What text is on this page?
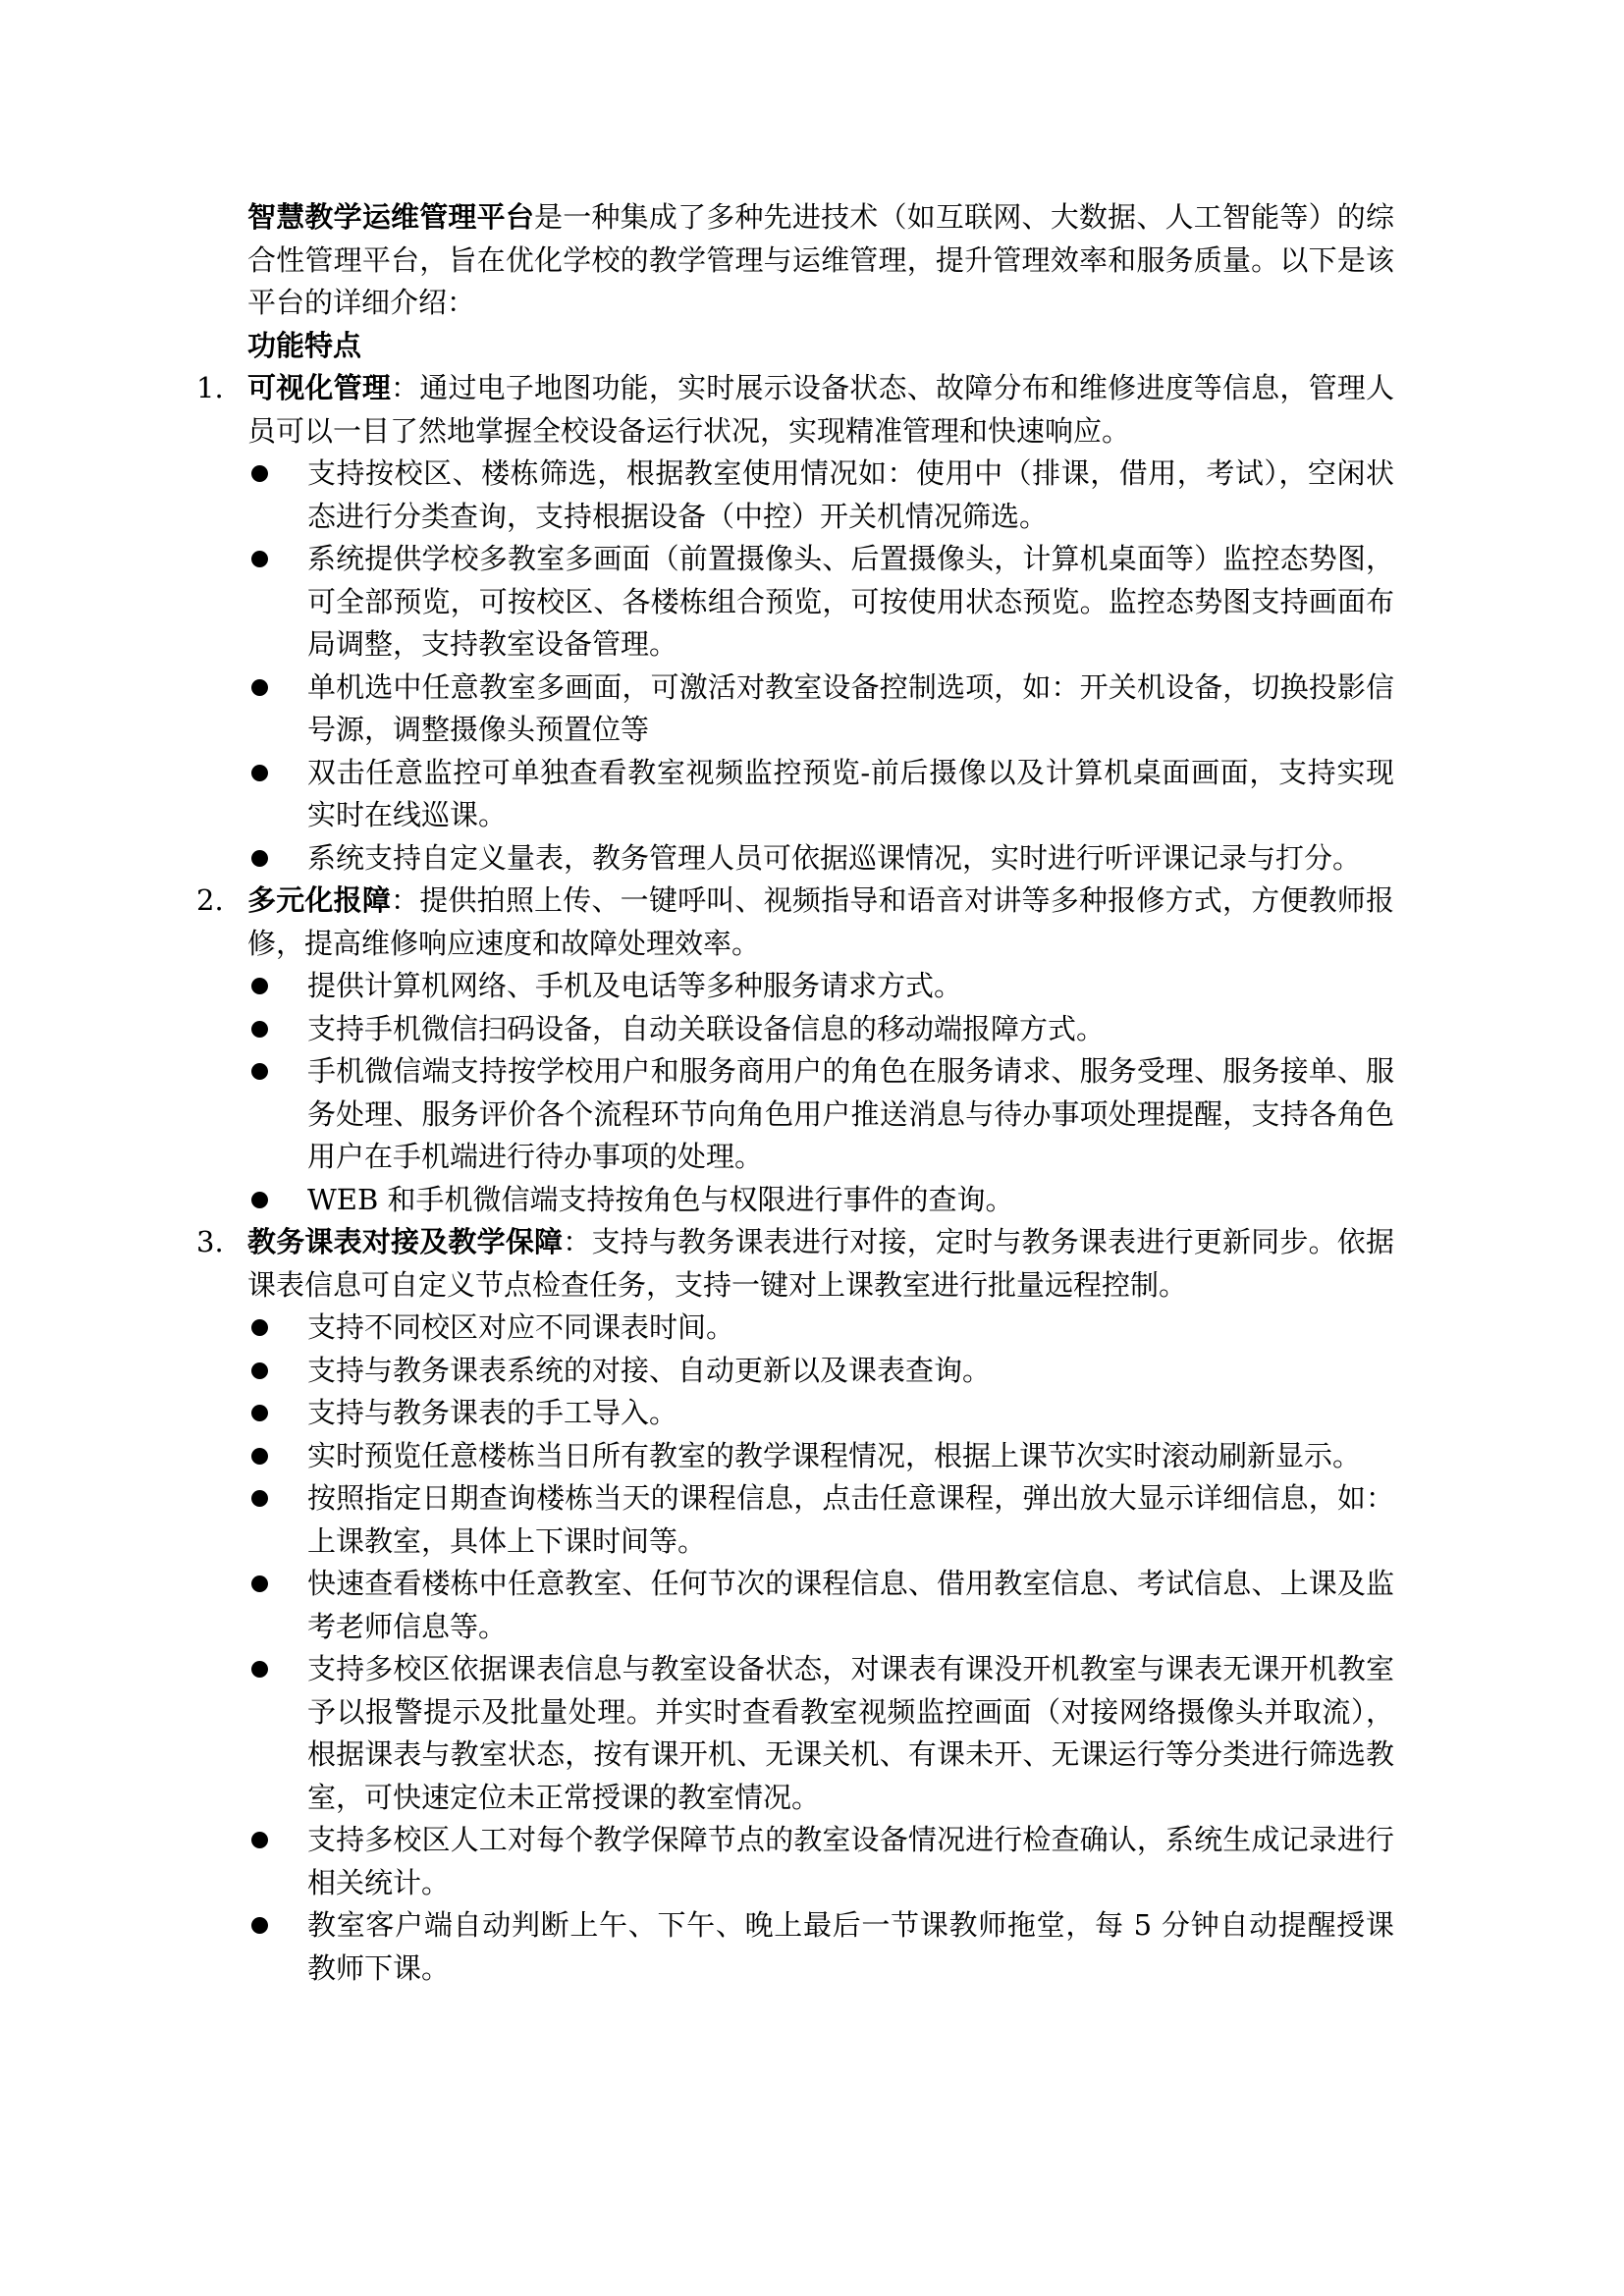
智慧教学运维管理平台是一种集成了多种先进技术（如互联网、大数据、人工智能等）的综合性管理平台，旨在优化学校的教学管理与运维管理，提升管理效率和服务质量。以下是该平台的详细介绍：

功能特点

1. 可视化管理：通过电子地图功能，实时展示设备状态、故障分布和维修进度等信息，管理人员可以一目了然地掌握全校设备运行状况，实现精准管理和快速响应。

支持按校区、楼栋筛选，根据教室使用情况如：使用中（排课，借用，考试），空闲状态进行分类查询，支持根据设备（中控）开关机情况筛选。
系统提供学校多教室多画面（前置摄像头、后置摄像头，计算机桌面等）监控态势图，可全部预览，可按校区、各楼栋组合预览，可按使用状态预览。监控态势图支持画面布局调整，支持教室设备管理。
单机选中任意教室多画面，可激活对教室设备控制选项，如：开关机设备，切换投影信号源，调整摄像头预置位等
双击任意监控可单独查看教室视频监控预览-前后摄像以及计算机桌面画面，支持实现实时在线巡课。
系统支持自定义量表，教务管理人员可依据巡课情况，实时进行听评课记录与打分。

2. 多元化报障：提供拍照上传、一键呼叫、视频指导和语音对讲等多种报修方式，方便教师报修，提高维修响应速度和故障处理效率。

提供计算机网络、手机及电话等多种服务请求方式。
支持手机微信扫码设备，自动关联设备信息的移动端报障方式。
手机微信端支持按学校用户和服务商用户的角色在服务请求、服务受理、服务接单、服务处理、服务评价各个流程环节向角色用户推送消息与待办事项处理提醒，支持各角色用户在手机端进行待办事项的处理。
WEB 和手机微信端支持按角色与权限进行事件的查询。

3. 教务课表对接及教学保障：支持与教务课表进行对接，定时与教务课表进行更新同步。依据课表信息可自定义节点检查任务，支持一键对上课教室进行批量远程控制。

支持不同校区对应不同课表时间。
支持与教务课表系统的对接、自动更新以及课表查询。
支持与教务课表的手工导入。
实时预览任意楼栋当日所有教室的教学课程情况，根据上课节次实时滚动刷新显示。
按照指定日期查询楼栋当天的课程信息，点击任意课程，弹出放大显示详细信息，如：上课教室，具体上下课时间等。
快速查看楼栋中任意教室、任何节次的课程信息、借用教室信息、考试信息、上课及监考老师信息等。
支持多校区依据课表信息与教室设备状态，对课表有课没开机教室与课表无课开机教室予以报警提示及批量处理。并实时查看教室视频监控画面（对接网络摄像头并取流），根据课表与教室状态，按有课开机、无课关机、有课未开、无课运行等分类进行筛选教室，可快速定位未正常授课的教室情况。
支持多校区人工对每个教学保障节点的教室设备情况进行检查确认，系统生成记录进行相关统计。
教室客户端自动判断上午、下午、晚上最后一节课教师拖堂，每 5 分钟自动提醒授课教师下课。
